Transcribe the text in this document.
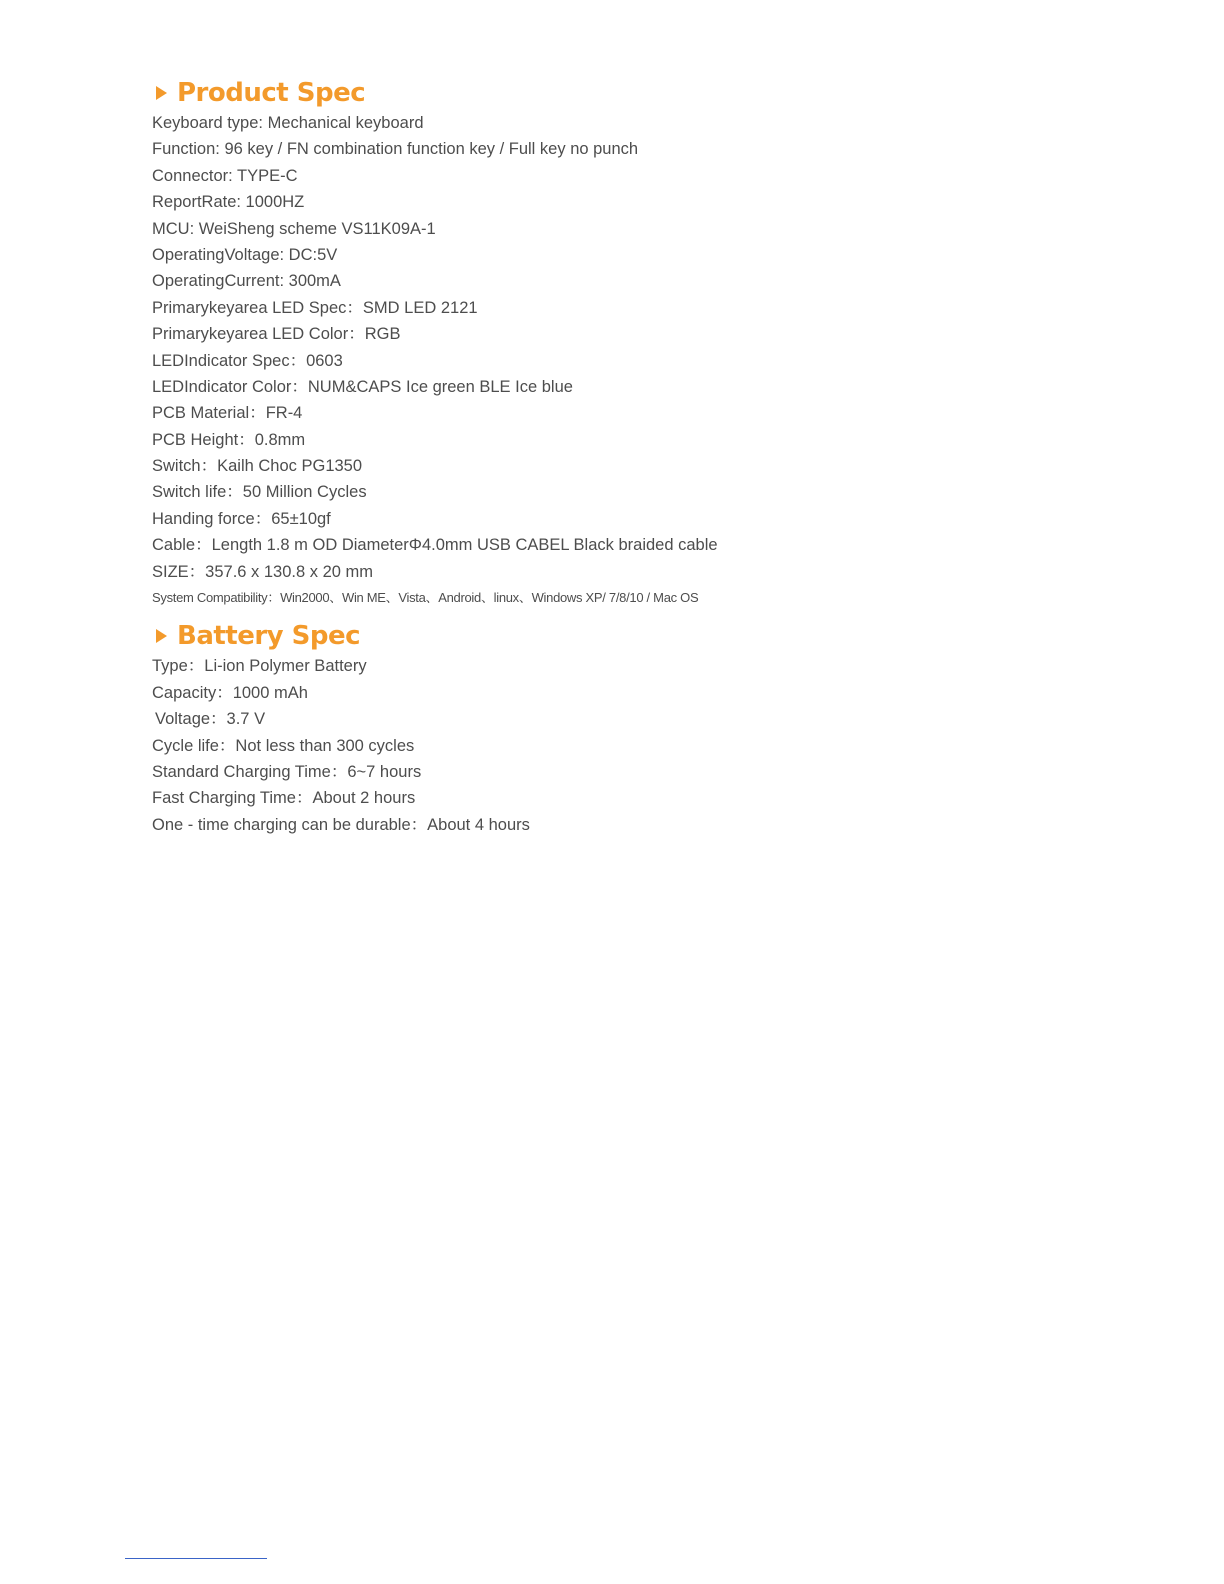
Product Spec
Keyboard type: Mechanical keyboard
Function: 96 key / FN combination function key / Full key no punch
Connector: TYPE-C
ReportRate: 1000HZ
MCU: WeiSheng scheme VS11K09A-1
OperatingVoltage: DC:5V
OperatingCurrent: 300mA
Primarykeyarea LED Spec：SMD LED 2121
Primarykeyarea LED Color：RGB
LEDIndicator Spec：0603
LEDIndicator Color：NUM&CAPS Ice green BLE Ice blue
PCB Material：FR-4
PCB Height：0.8mm
Switch：Kailh Choc PG1350
Switch life：50 Million Cycles
Handing force：65±10gf
Cable：Length 1.8 m OD DiameterΦ4.0mm USB CABEL Black braided cable
SIZE：357.6 x 130.8 x 20 mm
System Compatibility：Win2000、Win ME、Vista、Android、linux、Windows XP/ 7/8/10 / Mac OS
Battery Spec
Type：Li-ion Polymer Battery
Capacity：1000 mAh
Voltage：3.7 V
Cycle life：Not less than 300 cycles
Standard Charging Time：6~7 hours
Fast Charging Time：About 2 hours
One - time charging can be durable：About 4 hours
